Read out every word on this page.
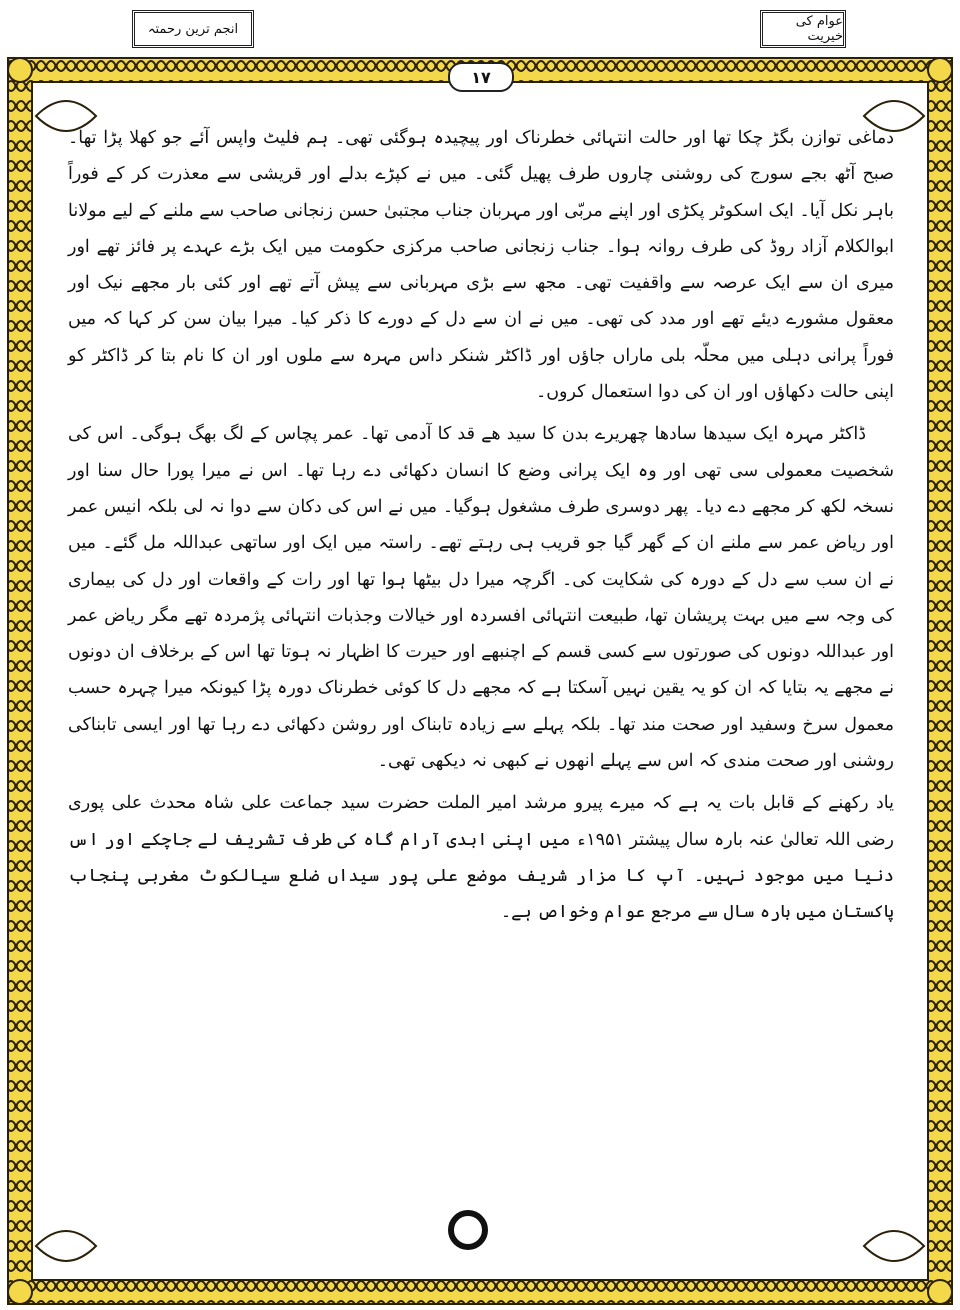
انجم ترین رحمتہ	عوام کی خیریت
۱۷

دماغی توازن بگڑ چکا تھا اور حالت انتہائی خطرناک اور پیچیدہ ہوگئی تھی۔ ہم فلیٹ واپس آئے جو کھلا پڑا تھا۔ صبح آٹھ بجے سورج کی روشنی چاروں طرف پھیل گئی۔ میں نے کپڑے بدلے اور قریشی سے معذرت کر کے فوراً باہر نکل آیا۔ ایک اسکوٹر پکڑی اور اپنے مربّی اور مہربان جناب مجتبیٰ حسن زنجانی صاحب سے ملنے کے لیے مولانا ابوالکلام آزاد روڈ کی طرف روانہ ہوا۔ جناب زنجانی صاحب مرکزی حکومت میں ایک بڑے عہدے پر فائز تھے اور میری ان سے ایک عرصہ سے واقفیت تھی۔ مجھ سے بڑی مہربانی سے پیش آتے تھے اور کئی بار مجھے نیک اور معقول مشورے دیئے تھے اور مدد کی تھی۔ میں نے ان سے دل کے دورے کا ذکر کیا۔ میرا بیان سن کر کہا کہ میں فوراً پرانی دہلی میں محلّہ بلی ماراں جاؤں اور ڈاکٹر شنکر داس مہرہ سے ملوں اور ان کا نام بتا کر ڈاکٹر کو اپنی حالت دکھاؤں اور ان کی دوا استعمال کروں۔

ڈاکٹر مہرہ ایک سیدھا سادھا چھریرے بدن کا سید ھے قد کا آدمی تھا۔ عمر پچاس کے لگ بھگ ہوگی۔ اس کی شخصیت معمولی سی تھی اور وہ ایک پرانی وضع کا انسان دکھائی دے رہا تھا۔ اس نے میرا پورا حال سنا اور نسخہ لکھ کر مجھے دے دیا۔ پھر دوسری طرف مشغول ہوگیا۔ میں نے اس کی دکان سے دوا نہ لی بلکہ انیس عمر اور ریاض عمر سے ملنے ان کے گھر گیا جو قریب ہی رہتے تھے۔ راستہ میں ایک اور ساتھی عبداللہ مل گئے۔ میں نے ان سب سے دل کے دورہ کی شکایت کی۔ اگرچہ میرا دل بیٹھا ہوا تھا اور رات کے واقعات اور دل کی بیماری کی وجہ سے میں بہت پریشان تھا، طبیعت انتہائی افسردہ اور خیالات وجذبات انتہائی پژمردہ تھے مگر ریاض عمر اور عبداللہ دونوں کی صورتوں سے کسی قسم کے اچنبھے اور حیرت کا اظہار نہ ہوتا تھا اس کے برخلاف ان دونوں نے مجھے یہ بتایا کہ ان کو یہ یقین نہیں آسکتا ہے کہ مجھے دل کا کوئی خطرناک دورہ پڑا کیونکہ میرا چہرہ حسب معمول سرخ وسفید اور صحت مند تھا۔ بلکہ پہلے سے زیادہ تابناک اور روشن دکھائی دے رہا تھا اور ایسی تابناکی روشنی اور صحت مندی کہ اس سے پہلے انھوں نے کبھی نہ دیکھی تھی۔

یاد رکھنے کے قابل بات یہ ہے کہ میرے پیرو مرشد امیر الملت حضرت سید جماعت علی شاہ محدث علی پوری رضی اللہ تعالیٰ عنہ بارہ سال پیشتر ۱۹۵۱ء میں اپنی ابدی آرام گاہ کی طرف تشریف لے جاچکے اور اس دنیا میں موجود نہیں۔ آپ کا مزار شریف موضع علی پور سیداں ضلع سیالکوٹ مغربی پنجاب پاکستان میں بارہ سال سے مرجع عوام وخواص ہے۔
